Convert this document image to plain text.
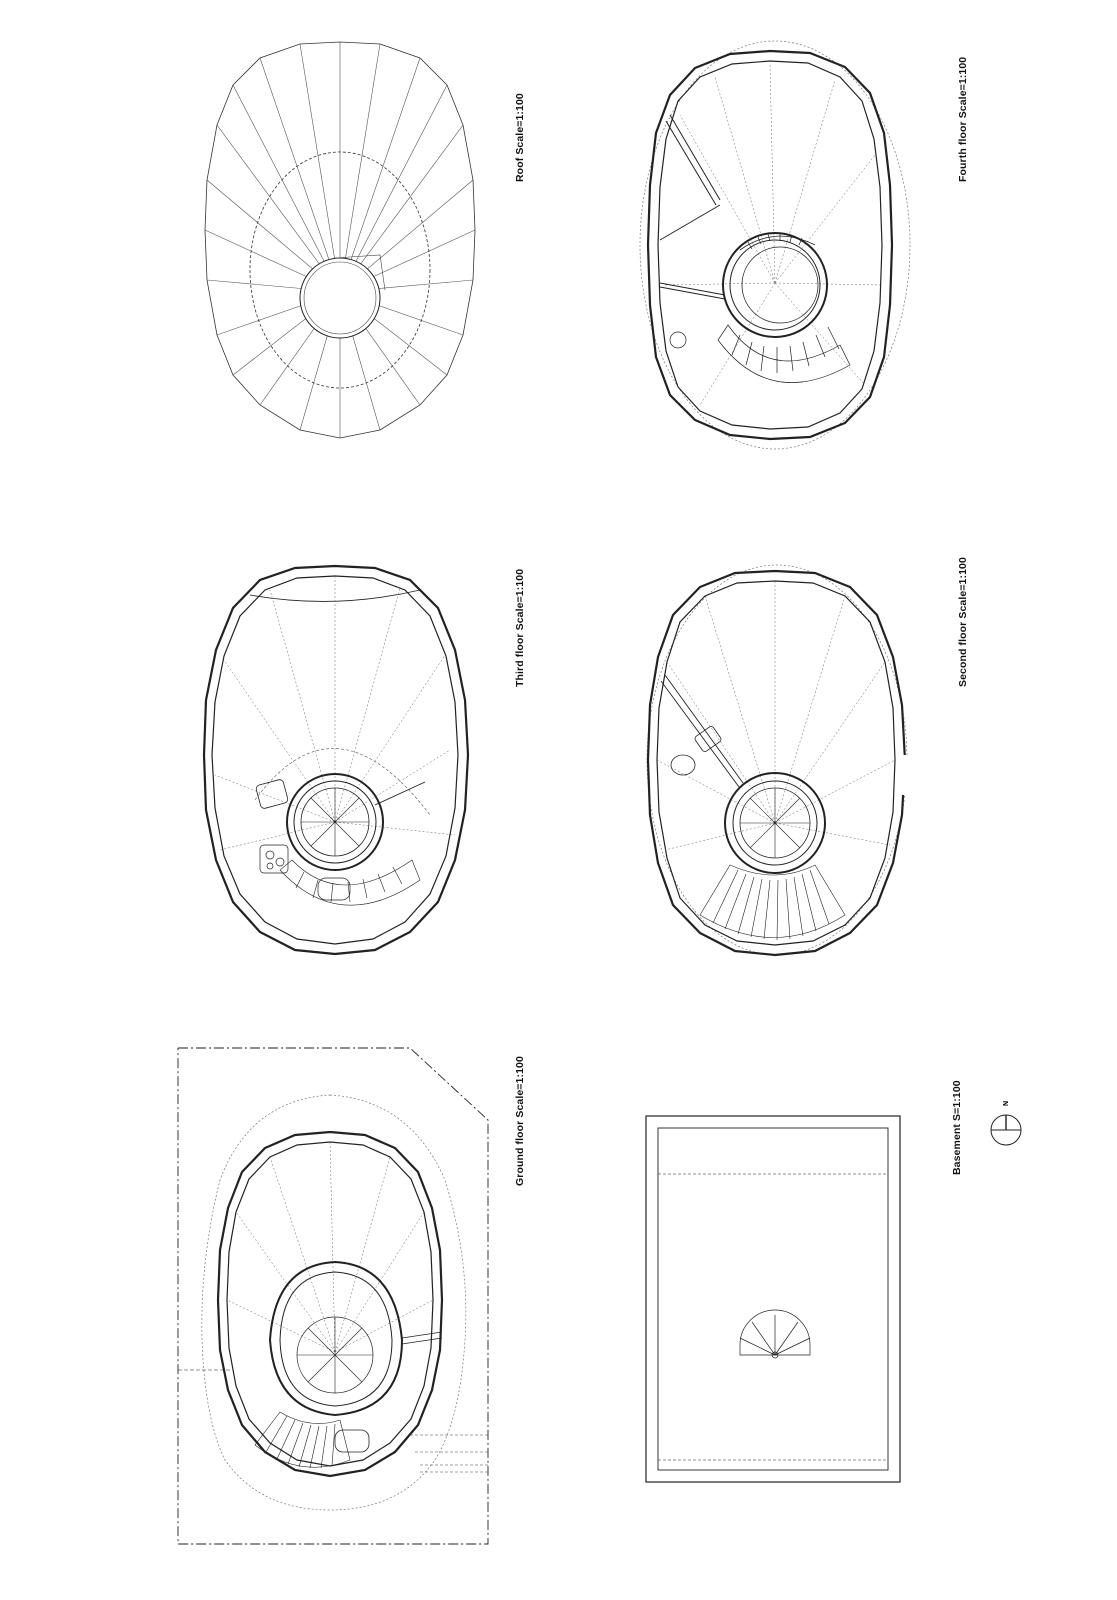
Roof Scale=1:100	Fourth floor Scale=1:100
Third floor Scale=1:100	Second floor Scale=1:100
Ground floor Scale=1:100	Basement S=1:100	N
